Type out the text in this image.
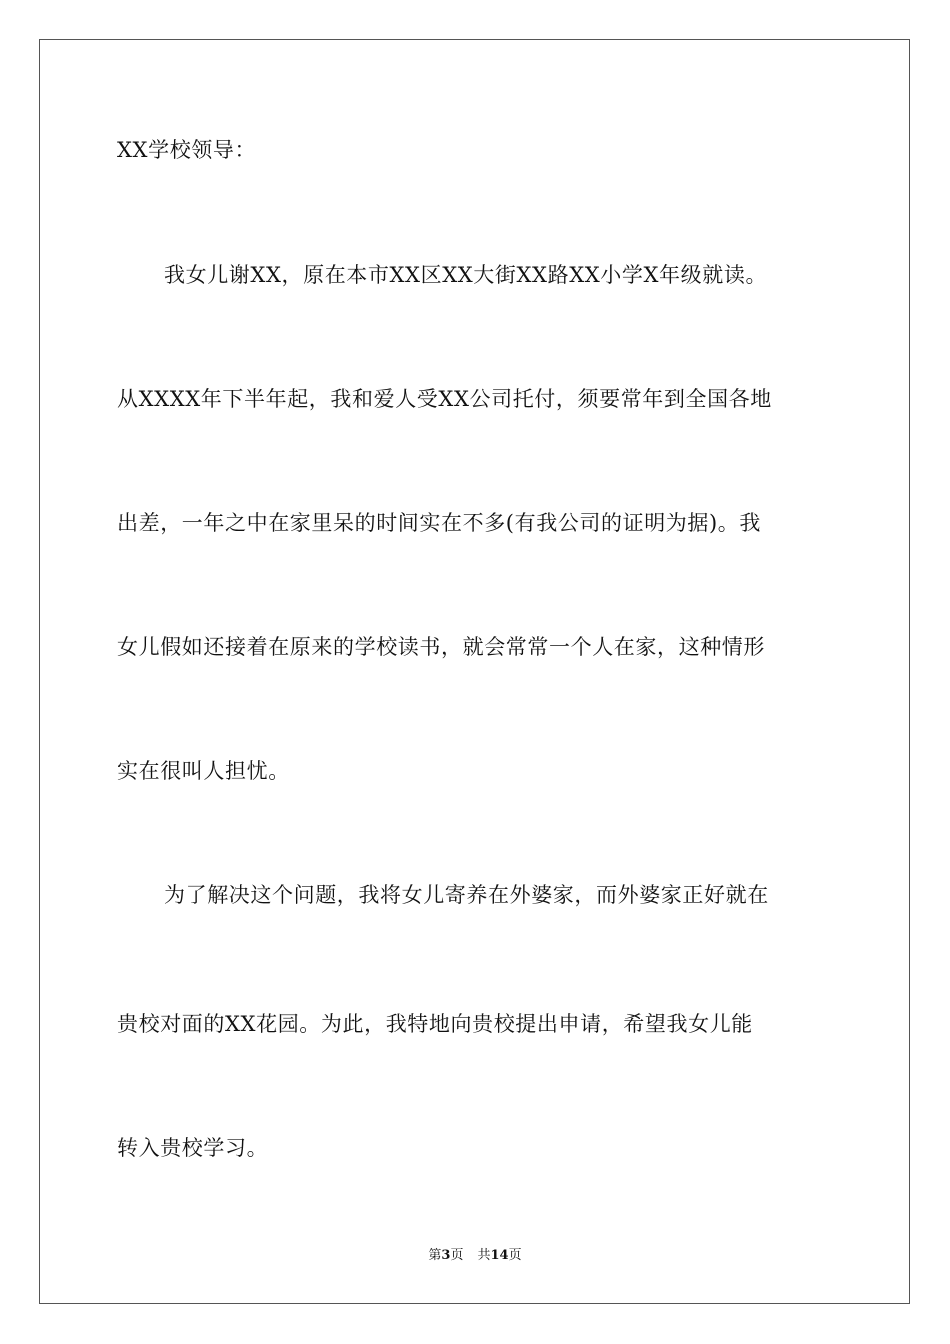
XX学校领导：
我女儿谢XX，原在本市XX区XX大街XX路XX小学X年级就读。
从XXXX年下半年起，我和爱人受XX公司托付，须要常年到全国各地
出差，一年之中在家里呆的时间实在不多(有我公司的证明为据)。我
女儿假如还接着在原来的学校读书，就会常常一个人在家，这种情形
实在很叫人担忧。
为了解决这个问题，我将女儿寄养在外婆家，而外婆家正好就在
贵校对面的XX花园。为此，我特地向贵校提出申请，希望我女儿能
转入贵校学习。
第3页 共14页
